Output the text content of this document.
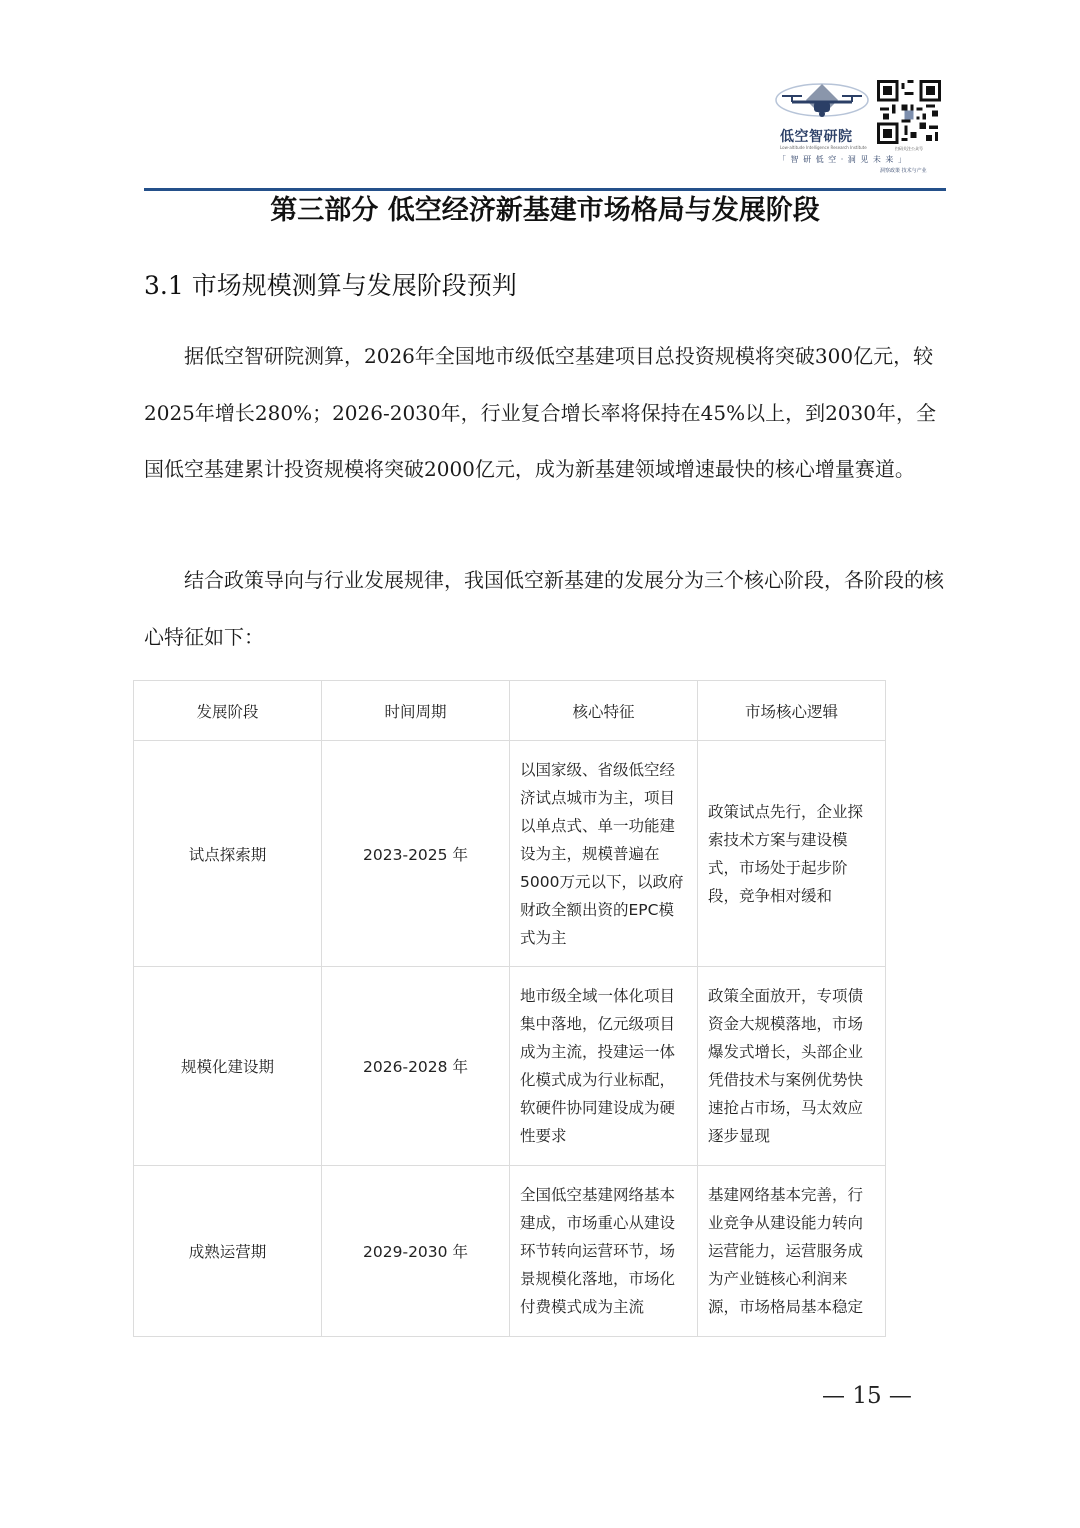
低空智研院
Low-altitude Intelligence Research Institute	扫码关注公众号
「 智 研 低 空 · 洞 见 未 来 」
洞察政策 技术与产业
第三部分 低空经济新基建市场格局与发展阶段
3.1 市场规模测算与发展阶段预判
据低空智研院测算，2026年全国地市级低空基建项目总投资规模将突破300亿元，较2025年增长280%；2026-2030年，行业复合增长率将保持在45%以上，到2030年，全国低空基建累计投资规模将突破2000亿元，成为新基建领域增速最快的核心增量赛道。
结合政策导向与行业发展规律，我国低空新基建的发展分为三个核心阶段，各阶段的核心特征如下：
发展阶段	时间周期	核心特征	市场核心逻辑
试点探索期	2023-2025 年	以国家级、省级低空经济试点城市为主，项目以单点式、单一功能建设为主，规模普遍在5000万元以下，以政府财政全额出资的EPC模式为主	政策试点先行，企业探索技术方案与建设模式，市场处于起步阶段，竞争相对缓和
规模化建设期	2026-2028 年	地市级全域一体化项目集中落地，亿元级项目成为主流，投建运一体化模式成为行业标配，软硬件协同建设成为硬性要求	政策全面放开，专项债资金大规模落地，市场爆发式增长，头部企业凭借技术与案例优势快速抢占市场，马太效应逐步显现
成熟运营期	2029-2030 年	全国低空基建网络基本建成，市场重心从建设环节转向运营环节，场景规模化落地，市场化付费模式成为主流	基建网络基本完善，行业竞争从建设能力转向运营能力，运营服务成为产业链核心利润来源，市场格局基本稳定
— 15 —
